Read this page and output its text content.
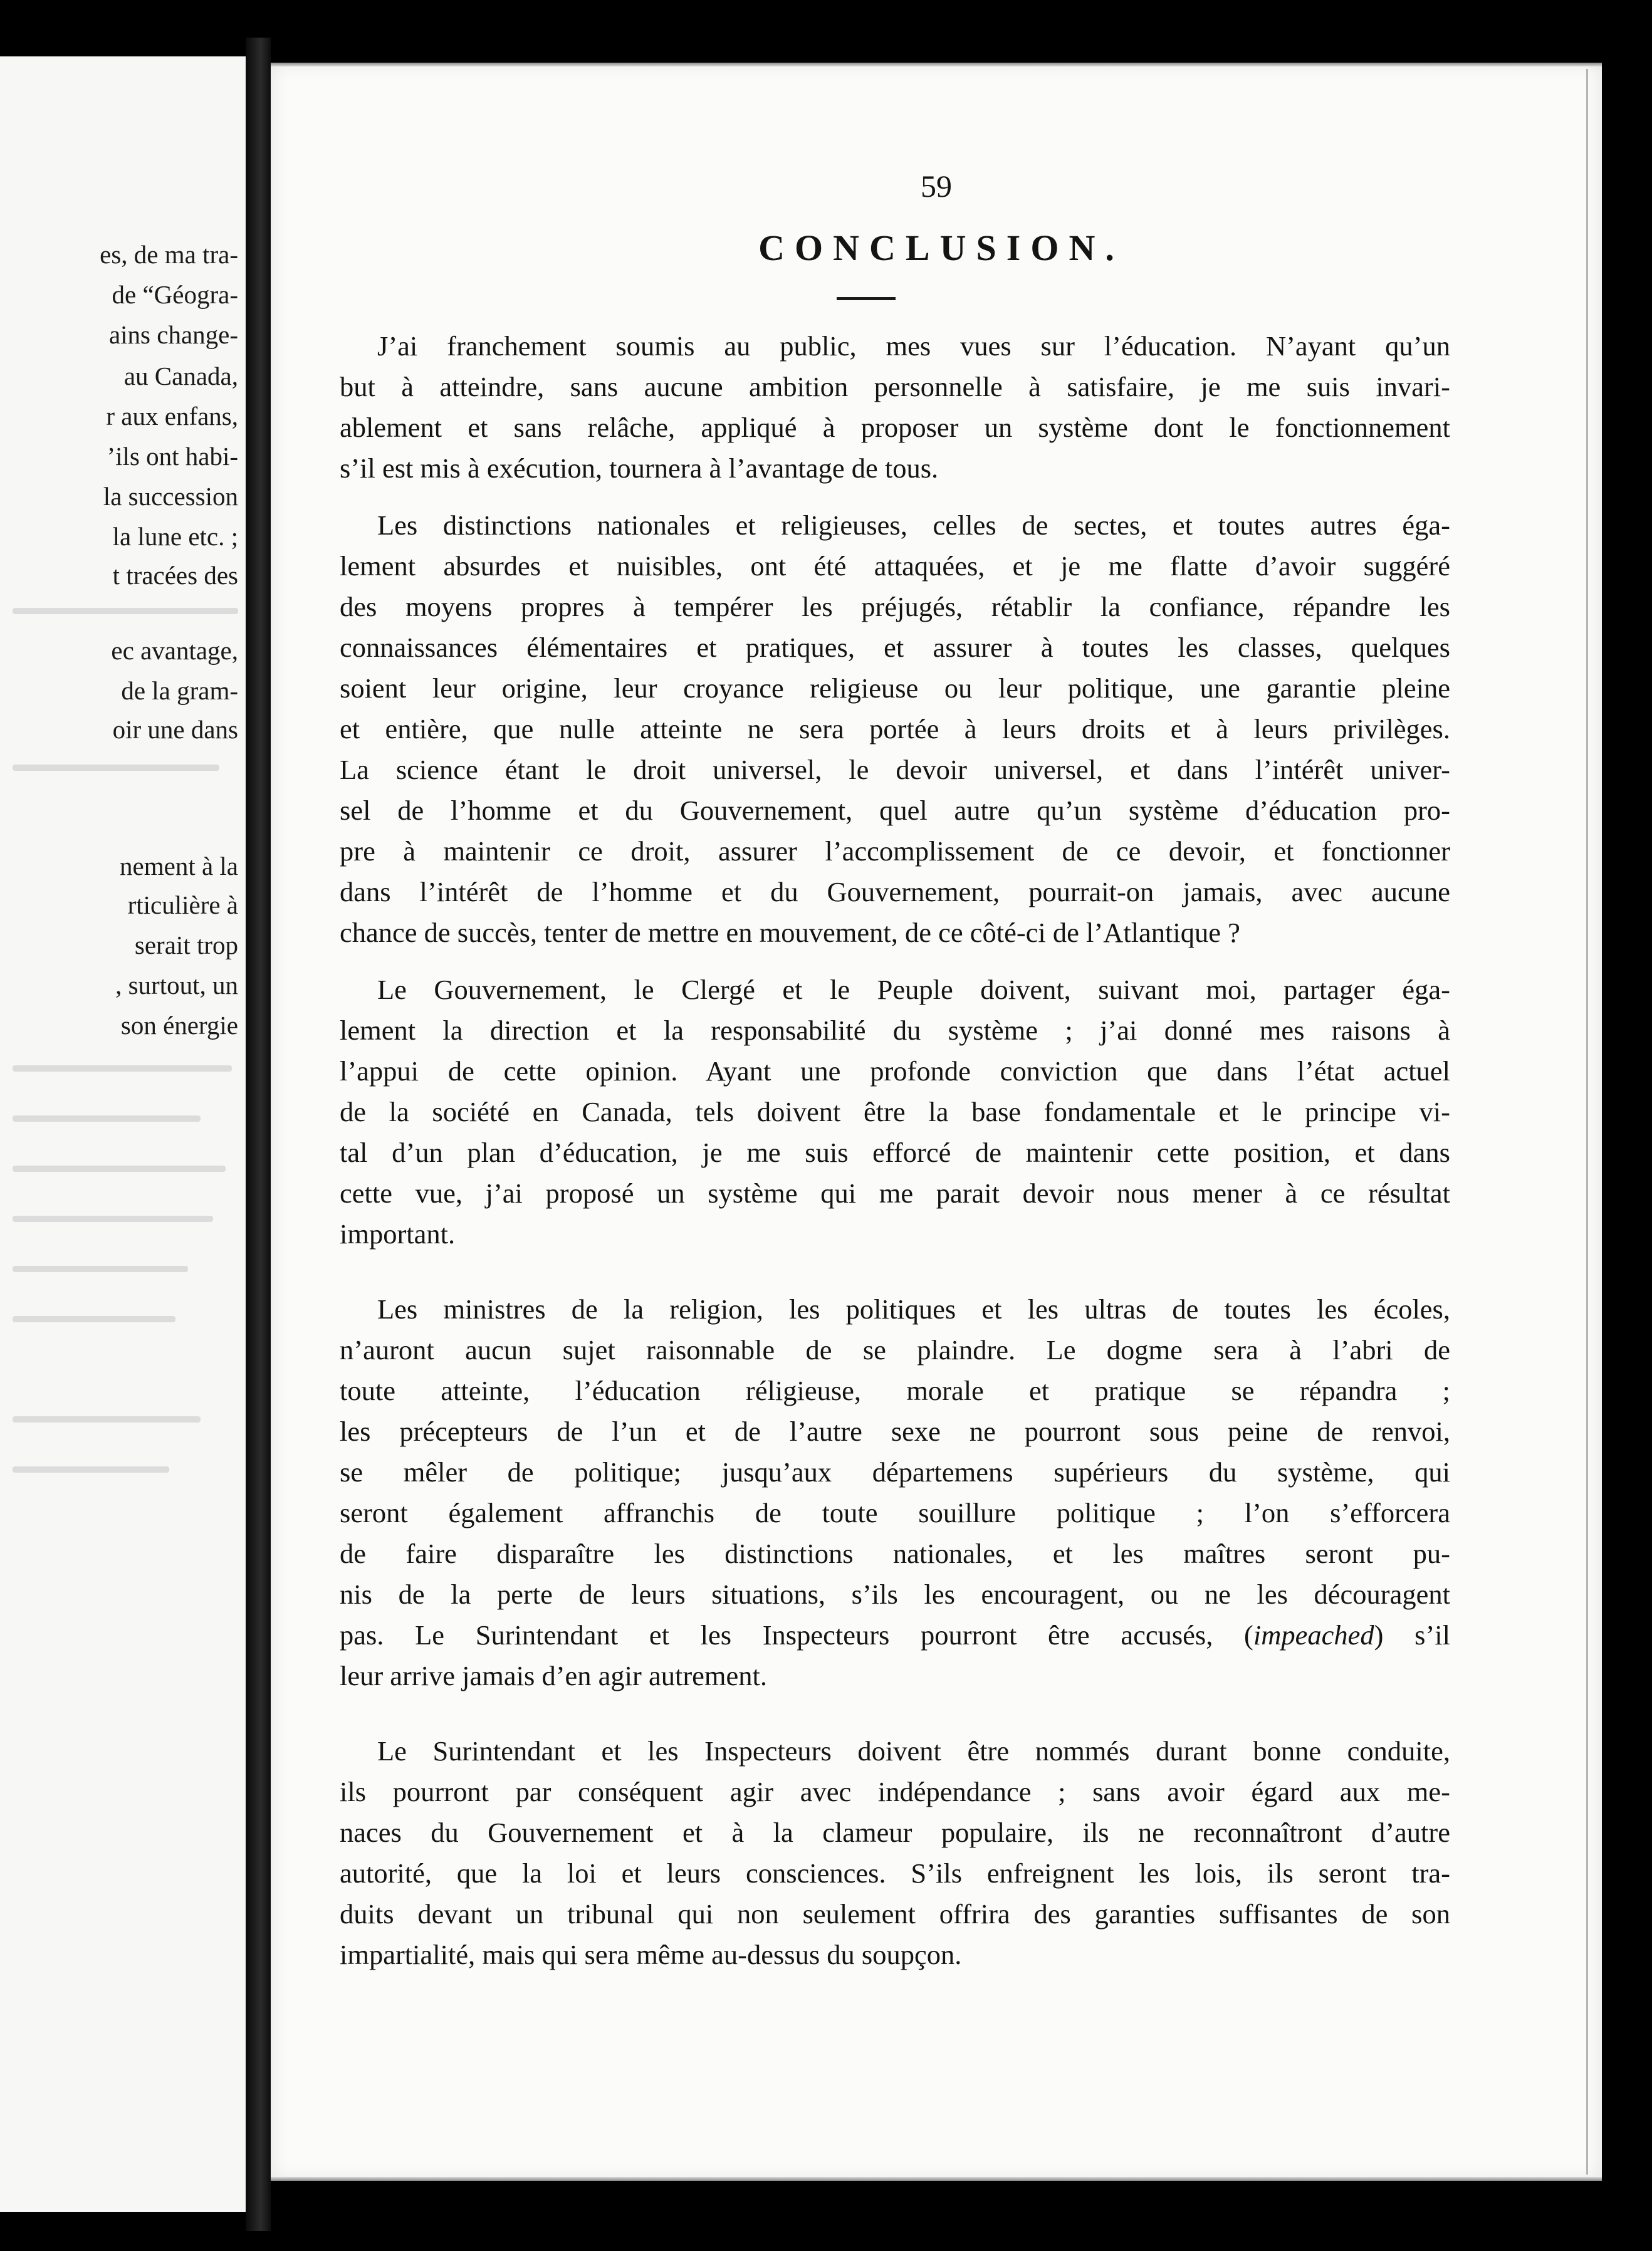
es, de ma tra-
de “Géogra-
ains change-
au Canada,
r aux enfans,
’ils ont habi-
la succession
la lune etc. ;
t tracées des
ec avantage,
de la gram-
oir une dans
nement à la
rticulière à
serait trop
, surtout, un
son énergie
59
CONCLUSION.
J’ai franchement soumis au public, mes vues sur l’éducation. N’ayant qu’un
but à atteindre, sans aucune ambition personnelle à satisfaire, je me suis invari-
ablement et sans relâche, appliqué à proposer un système dont le fonctionnement
s’il est mis à exécution, tournera à l’avantage de tous.
Les distinctions nationales et religieuses, celles de sectes, et toutes autres éga-
lement absurdes et nuisibles, ont été attaquées, et je me flatte d’avoir suggéré
des moyens propres à tempérer les préjugés, rétablir la confiance, répandre les
connaissances élémentaires et pratiques, et assurer à toutes les classes, quelques
soient leur origine, leur croyance religieuse ou leur politique, une garantie pleine
et entière, que nulle atteinte ne sera portée à leurs droits et à leurs privilèges.
La science étant le droit universel, le devoir universel, et dans l’intérêt univer-
sel de l’homme et du Gouvernement, quel autre qu’un système d’éducation pro-
pre à maintenir ce droit, assurer l’accomplissement de ce devoir, et fonctionner
dans l’intérêt de l’homme et du Gouvernement, pourrait-on jamais, avec aucune
chance de succès, tenter de mettre en mouvement, de ce côté-ci de l’Atlantique ?
Le Gouvernement, le Clergé et le Peuple doivent, suivant moi, partager éga-
lement la direction et la responsabilité du système ; j’ai donné mes raisons à
l’appui de cette opinion. Ayant une profonde conviction que dans l’état actuel
de la société en Canada, tels doivent être la base fondamentale et le principe vi-
tal d’un plan d’éducation, je me suis efforcé de maintenir cette position, et dans
cette vue, j’ai proposé un système qui me parait devoir nous mener à ce résultat
important.
Les ministres de la religion, les politiques et les ultras de toutes les écoles,
n’auront aucun sujet raisonnable de se plaindre. Le dogme sera à l’abri de
toute atteinte, l’éducation réligieuse, morale et pratique se répandra ;
les précepteurs de l’un et de l’autre sexe ne pourront sous peine de renvoi,
se mêler de politique; jusqu’aux départemens supérieurs du système, qui
seront également affranchis de toute souillure politique ; l’on s’efforcera
de faire disparaître les distinctions nationales, et les maîtres seront pu-
nis de la perte de leurs situations, s’ils les encouragent, ou ne les découragent
pas. Le Surintendant et les Inspecteurs pourront être accusés, (impeached) s’il
leur arrive jamais d’en agir autrement.
Le Surintendant et les Inspecteurs doivent être nommés durant bonne conduite,
ils pourront par conséquent agir avec indépendance ; sans avoir égard aux me-
naces du Gouvernement et à la clameur populaire, ils ne reconnaîtront d’autre
autorité, que la loi et leurs consciences. S’ils enfreignent les lois, ils seront tra-
duits devant un tribunal qui non seulement offrira des garanties suffisantes de son
impartialité, mais qui sera même au-dessus du soupçon.
